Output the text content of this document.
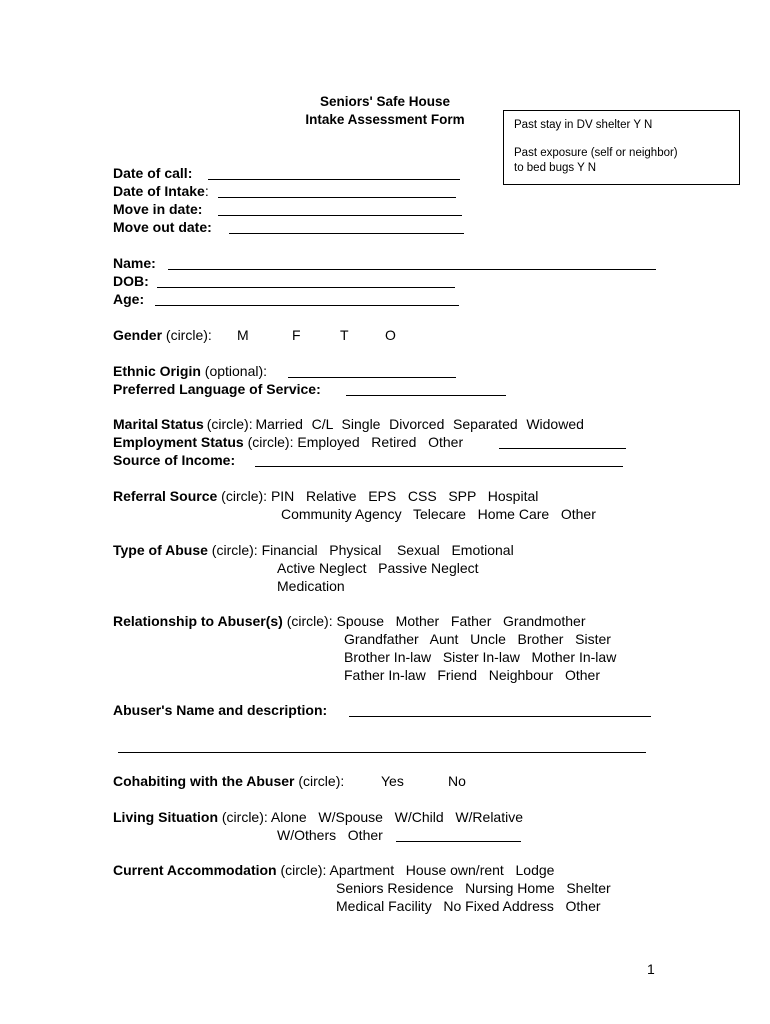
Seniors' Safe House
Intake Assessment Form	Past stay in DV shelter Y N

Past exposure (self or neighbor)

to bed bugs Y N

Date of call:
Date of Intake:
Move in date:
Move out date:
Name:
DOB:
Age:
Gender (circle): M	F	T	O
Ethnic Origin (optional):
Preferred Language of Service:
Marital Status (circle): Married   C/L   Single   Divorced   Separated   Widowed
Employment Status (circle): Employed   Retired   Other
Source of Income:
Referral Source (circle): PIN   Relative   EPS   CSS   SPP   Hospital
Community Agency   Telecare   Home Care   Other
Type of Abuse (circle): Financial   Physical    Sexual   Emotional
Active Neglect   Passive Neglect
Medication
Relationship to Abuser(s) (circle): Spouse   Mother   Father   Grandmother
Grandfather   Aunt   Uncle   Brother   Sister
Brother In-law   Sister In-law   Mother In-law
Father In-law   Friend   Neighbour   Other
Abuser's Name and description:
Cohabiting with the Abuser (circle):	Yes	No
Living Situation (circle): Alone   W/Spouse   W/Child   W/Relative
W/Others   Other
Current Accommodation (circle): Apartment   House own/rent   Lodge
Seniors Residence   Nursing Home   Shelter
Medical Facility   No Fixed Address   Other
1
